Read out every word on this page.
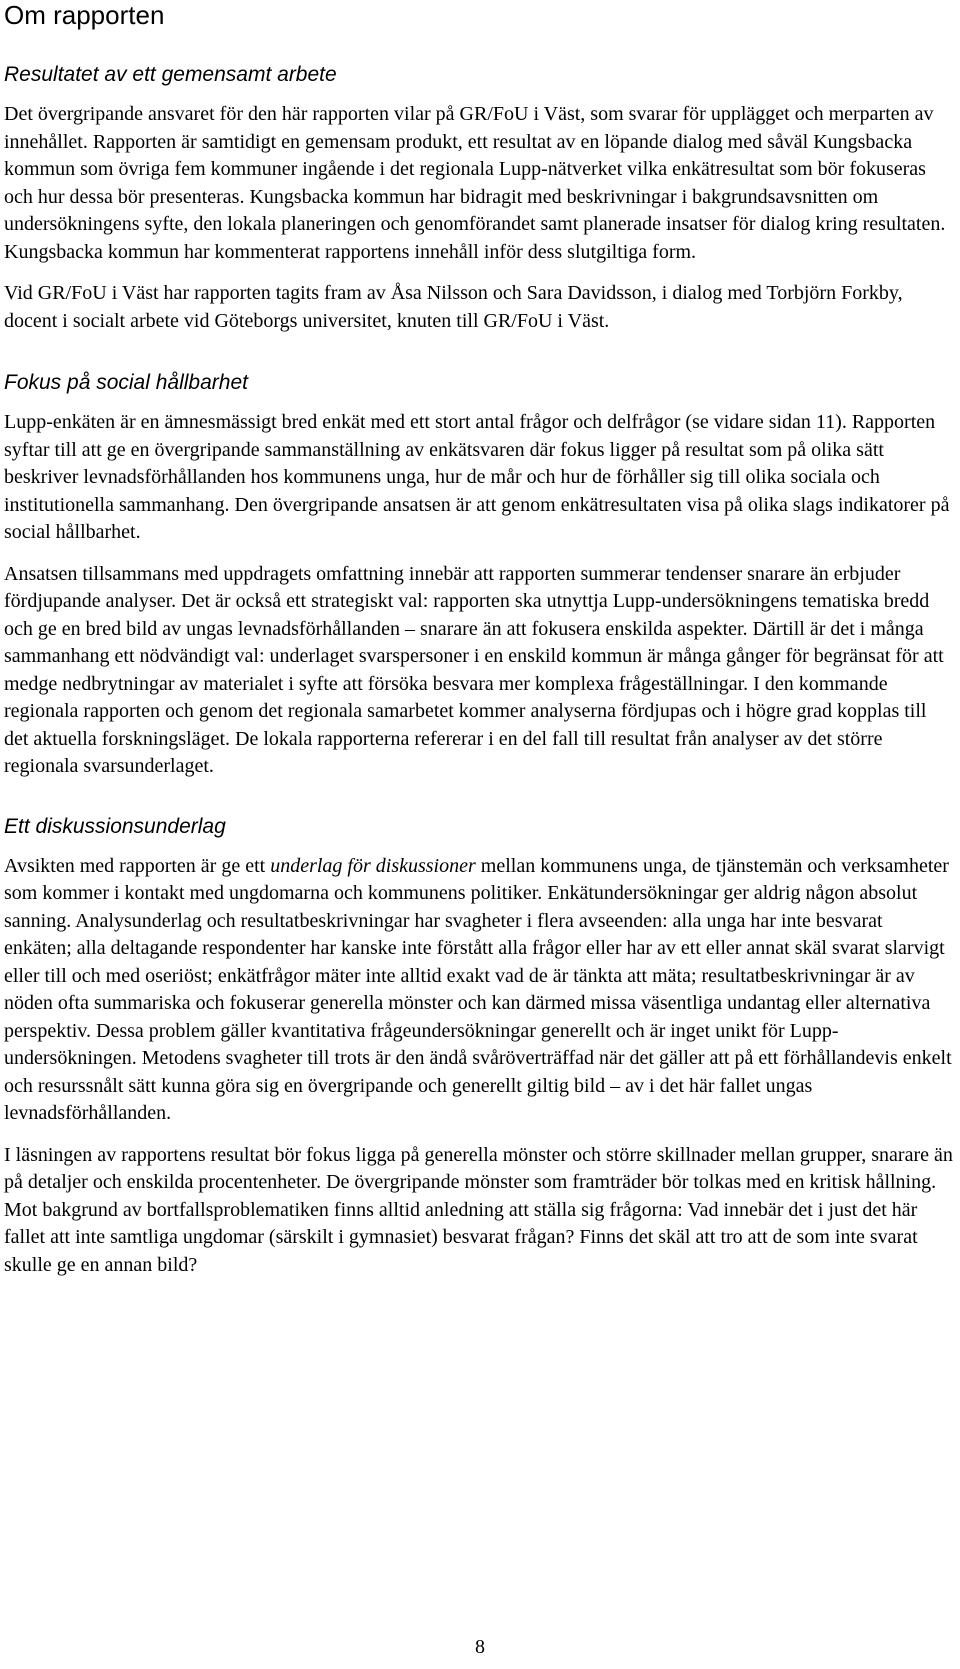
Om rapporten
Resultatet av ett gemensamt arbete

Det övergripande ansvaret för den här rapporten vilar på GR/FoU i Väst, som svarar för upplägget och merparten av innehållet. Rapporten är samtidigt en gemensam produkt, ett resultat av en löpande dialog med såväl Kungsbacka kommun som övriga fem kommuner ingående i det regionala Lupp-nätverket vilka enkätresultat som bör fokuseras och hur dessa bör presenteras. Kungsbacka kommun har bidragit med beskrivningar i bakgrundsavsnitten om undersökningens syfte, den lokala planeringen och genomförandet samt planerade insatser för dialog kring resultaten. Kungsbacka kommun har kommenterat rapportens innehåll inför dess slutgiltiga form.

Vid GR/FoU i Väst har rapporten tagits fram av Åsa Nilsson och Sara Davidsson, i dialog med Torbjörn Forkby, docent i socialt arbete vid Göteborgs universitet, knuten till GR/FoU i Väst.

Fokus på social hållbarhet

Lupp-enkäten är en ämnesmässigt bred enkät med ett stort antal frågor och delfrågor (se vidare sidan 11). Rapporten syftar till att ge en övergripande sammanställning av enkätsvaren där fokus ligger på resultat som på olika sätt beskriver levnadsförhållanden hos kommunens unga, hur de mår och hur de förhåller sig till olika sociala och institutionella sammanhang. Den övergripande ansatsen är att genom enkätresultaten visa på olika slags indikatorer på social hållbarhet.

Ansatsen tillsammans med uppdragets omfattning innebär att rapporten summerar tendenser snarare än erbjuder fördjupande analyser. Det är också ett strategiskt val: rapporten ska utnyttja Lupp-undersökningens tematiska bredd och ge en bred bild av ungas levnadsförhållanden – snarare än att fokusera enskilda aspekter. Därtill är det i många sammanhang ett nödvändigt val: underlaget svarspersoner i en enskild kommun är många gånger för begränsat för att medge nedbrytningar av materialet i syfte att försöka besvara mer komplexa frågeställningar. I den kommande regionala rapporten och genom det regionala samarbetet kommer analyserna fördjupas och i högre grad kopplas till det aktuella forskningsläget. De lokala rapporterna refererar i en del fall till resultat från analyser av det större regionala svarsunderlaget.

Ett diskussionsunderlag

Avsikten med rapporten är ge ett underlag för diskussioner mellan kommunens unga, de tjänstemän och verksamheter som kommer i kontakt med ungdomarna och kommunens politiker. Enkätundersökningar ger aldrig någon absolut sanning. Analysunderlag och resultatbeskrivningar har svagheter i flera avseenden: alla unga har inte besvarat enkäten; alla deltagande respondenter har kanske inte förstått alla frågor eller har av ett eller annat skäl svarat slarvigt eller till och med oseriöst; enkätfrågor mäter inte alltid exakt vad de är tänkta att mäta; resultatbeskrivningar är av nöden ofta summariska och fokuserar generella mönster och kan därmed missa väsentliga undantag eller alternativa perspektiv. Dessa problem gäller kvantitativa frågeundersökningar generellt och är inget unikt för Lupp-undersökningen. Metodens svagheter till trots är den ändå svåröverträffad när det gäller att på ett förhållandevis enkelt och resurssnålt sätt kunna göra sig en övergripande och generellt giltig bild – av i det här fallet ungas levnadsförhållanden.

I läsningen av rapportens resultat bör fokus ligga på generella mönster och större skillnader mellan grupper, snarare än på detaljer och enskilda procentenheter. De övergripande mönster som framträder bör tolkas med en kritisk hållning. Mot bakgrund av bortfallsproblematiken finns alltid anledning att ställa sig frågorna: Vad innebär det i just det här fallet att inte samtliga ungdomar (särskilt i gymnasiet) besvarat frågan? Finns det skäl att tro att de som inte svarat skulle ge en annan bild?

8
